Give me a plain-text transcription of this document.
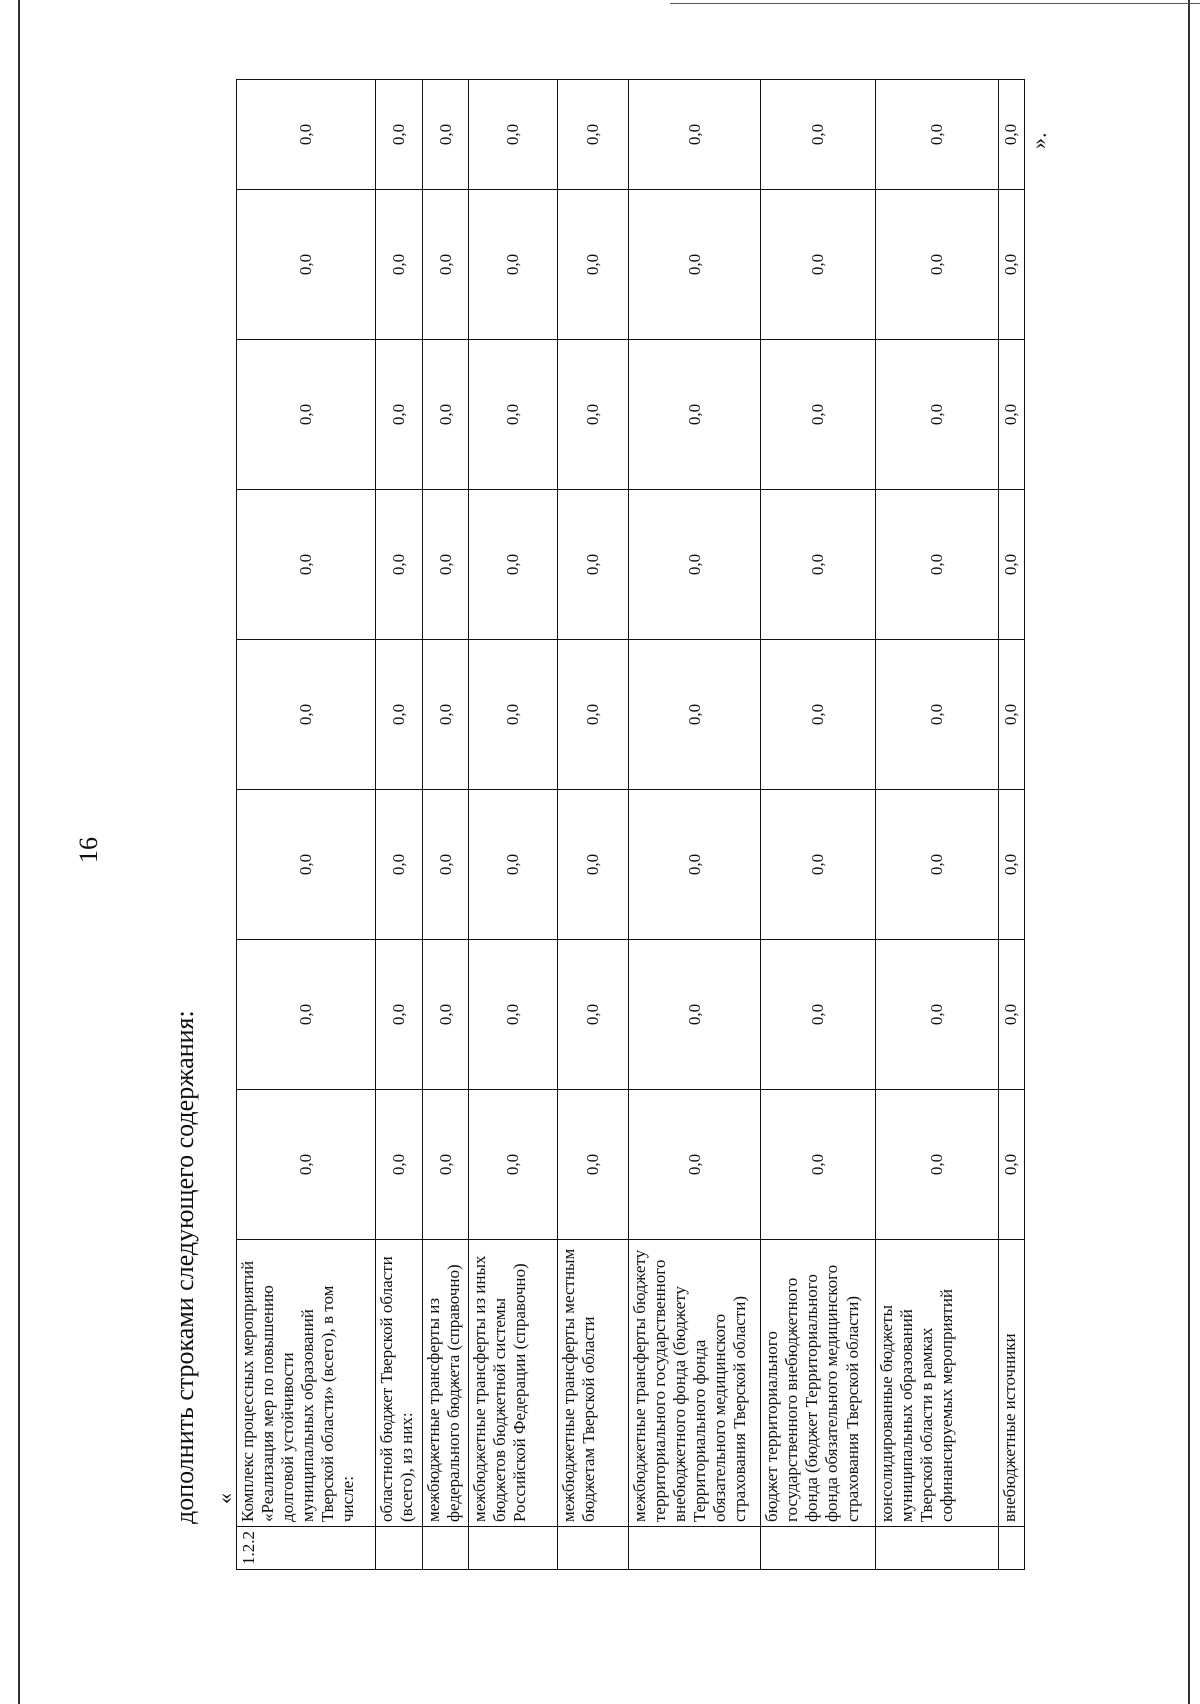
16
дополнить строками следующего содержания: «
1.2.2	Комплекс процессных мероприятий «Реализация мер по повышению долговой устойчивости муниципальных образований Тверской области» (всего), в том числе:	0,0	0,0	0,0	0,0	0,0	0,0	0,0	0,0
	областной бюджет Тверской области (всего), из них:	0,0	0,0	0,0	0,0	0,0	0,0	0,0	0,0
	межбюджетные трансферты из федерального бюджета (справочно)	0,0	0,0	0,0	0,0	0,0	0,0	0,0	0,0
	межбюджетные трансферты из иных бюджетов бюджетной системы Российской Федерации (справочно)	0,0	0,0	0,0	0,0	0,0	0,0	0,0	0,0
	межбюджетные трансферты местным бюджетам Тверской области	0,0	0,0	0,0	0,0	0,0	0,0	0,0	0,0
	межбюджетные трансферты бюджету территориального государственного внебюджетного фонда (бюджету Территориального фонда обязательного медицинского страхования Тверской области)	0,0	0,0	0,0	0,0	0,0	0,0	0,0	0,0
	бюджет территориального государственного внебюджетного фонда (бюджет Территориального фонда обязательного медицинского страхования Тверской области)	0,0	0,0	0,0	0,0	0,0	0,0	0,0	0,0
	консолидированные бюджеты муниципальных образований Тверской области в рамках софинансируемых мероприятий	0,0	0,0	0,0	0,0	0,0	0,0	0,0	0,0
	внебюджетные источники	0,0	0,0	0,0	0,0	0,0	0,0	0,0	0,0 ».
